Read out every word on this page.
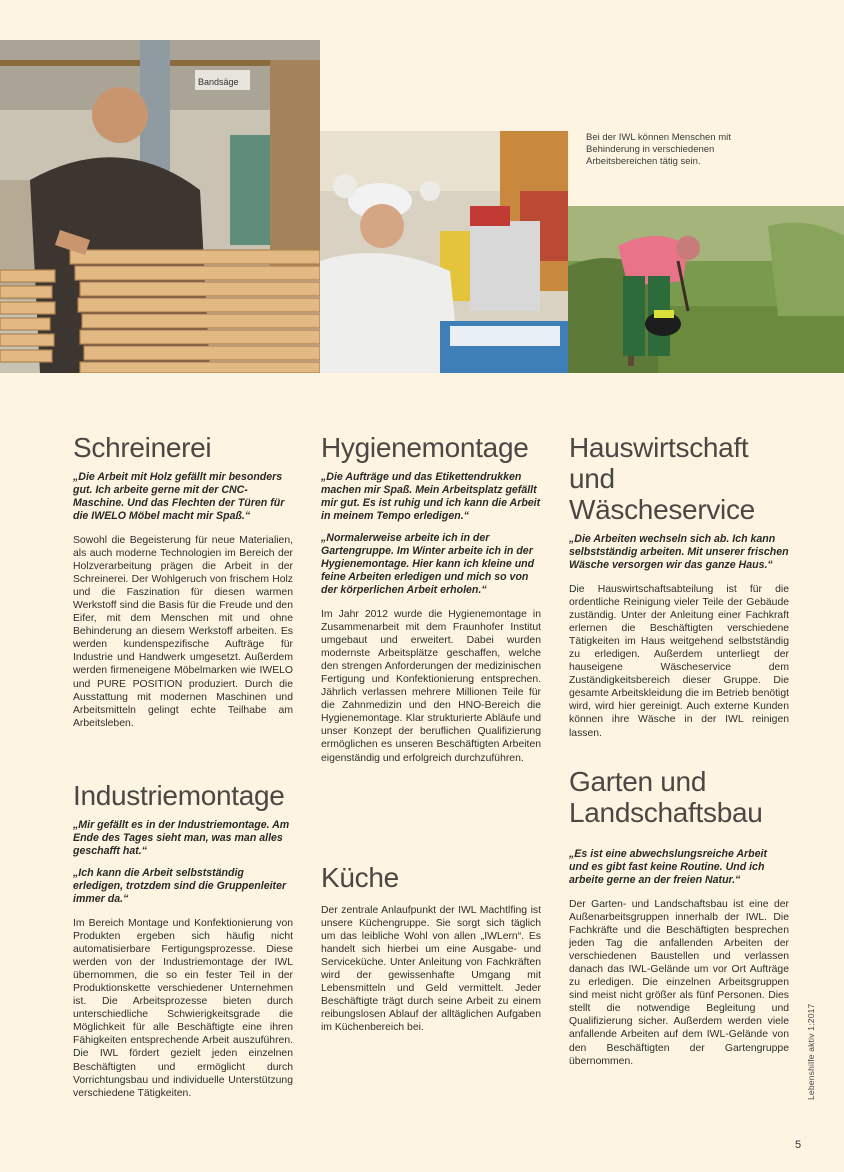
Bandsäge
Bei der IWL können Menschen mit Behinderung in verschiedenen Arbeitsbereichen tätig sein.
Schreinerei

„Die Arbeit mit Holz gefällt mir besonders gut. Ich arbeite gerne mit der CNC-Maschine. Und das Flechten der Türen für die IWELO Möbel macht mir Spaß.“

Sowohl die Begeisterung für neue Materialien, als auch moderne Technologien im Bereich der Holzverarbeitung prägen die Arbeit in der Schreinerei. Der Wohlgeruch von frischem Holz und die Faszination für diesen warmen Werkstoff sind die Basis für die Freude und den Eifer, mit dem Menschen mit und ohne Behinderung an diesem Werkstoff arbeiten. Es werden kundenspezifische Aufträge für Industrie und Handwerk umgesetzt. Außerdem werden firmeneigene Möbelmarken wie IWELO und PURE POSITION produziert. Durch die Ausstattung mit modernen Maschinen und Arbeitsmitteln gelingt echte Teilhabe am Arbeitsleben.

Industriemontage

„Mir gefällt es in der Industriemontage. Am Ende des Tages sieht man, was man alles geschafft hat.“

„Ich kann die Arbeit selbstständig erledigen, trotzdem sind die Gruppenleiter immer da.“

Im Bereich Montage und Konfektionierung von Produkten ergeben sich häufig nicht automatisierbare Fertigungsprozesse. Diese werden von der Industriemontage der IWL übernommen, die so ein fester Teil in der Produktionskette verschiedener Unternehmen ist. Die Arbeitsprozesse bieten durch unterschiedliche Schwierigkeitsgrade die Möglichkeit für alle Beschäftigte eine ihren Fähigkeiten entsprechende Arbeit auszuführen. Die IWL fördert gezielt jeden einzelnen Beschäftigten und ermöglicht durch Vorrichtungsbau und individuelle Unterstützung verschiedene Tätigkeiten.

Hygienemontage

„Die Aufträge und das Etikettendrukken machen mir Spaß. Mein Arbeitsplatz gefällt mir gut. Es ist ruhig und ich kann die Arbeit in meinem Tempo erledigen.“

„Normalerweise arbeite ich in der Gartengruppe. Im Winter arbeite ich in der Hygienemontage. Hier kann ich kleine und feine Arbeiten erledigen und mich so von der körperlichen Arbeit erholen.“

Im Jahr 2012 wurde die Hygienemontage in Zusammenarbeit mit dem Fraunhofer Institut umgebaut und erweitert. Dabei wurden modernste Arbeitsplätze geschaffen, welche den strengen Anforderungen der medizinischen Fertigung und Konfektionierung entsprechen. Jährlich verlassen mehrere Millionen Teile für die Zahnmedizin und den HNO-Bereich die Hygienemontage. Klar strukturierte Abläufe und unser Konzept der beruflichen Qualifizierung ermöglichen es unseren Beschäftigten Arbeiten eigenständig und erfolgreich durchzuführen.

Küche

Der zentrale Anlaufpunkt der IWL Machtlfing ist unsere Küchengruppe. Sie sorgt sich täglich um das leibliche Wohl von allen „IWLern“. Es handelt sich hierbei um eine Ausgabe- und Serviceküche. Unter Anleitung von Fachkräften wird der gewissenhafte Umgang mit Lebensmitteln und Geld vermittelt. Jeder Beschäftigte trägt durch seine Arbeit zu einem reibungslosen Ablauf der alltäglichen Aufgaben im Küchenbereich bei.

Hauswirtschaft
und Wäscheservice

„Die Arbeiten wechseln sich ab. Ich kann selbstständig arbeiten. Mit unserer frischen Wäsche versorgen wir das ganze Haus.“

Die Hauswirtschaftsabteilung ist für die ordentliche Reinigung vieler Teile der Gebäude zuständig. Unter der Anleitung einer Fachkraft erlernen die Beschäftigten verschiedene Tätigkeiten im Haus weitgehend selbstständig zu erledigen. Außerdem unterliegt der hauseigene Wäscheservice dem Zuständigkeitsbereich dieser Gruppe. Die gesamte Arbeitskleidung die im Betrieb benötigt wird, wird hier gereinigt. Auch externe Kunden können ihre Wäsche in der IWL reinigen lassen.

Garten und
Landschaftsbau

„Es ist eine abwechslungsreiche Arbeit und es gibt fast keine Routine. Und ich arbeite gerne an der freien Natur.“

Der Garten- und Landschaftsbau ist eine der Außenarbeitsgruppen innerhalb der IWL. Die Fachkräfte und die Beschäftigten besprechen jeden Tag die anfallenden Arbeiten der verschiedenen Baustellen und verlassen danach das IWL-Gelände um vor Ort Aufträge zu erledigen. Die einzelnen Arbeitsgruppen sind meist nicht größer als fünf Personen. Dies stellt die notwendige Begleitung und Qualifizierung sicher. Außerdem werden viele anfallende Arbeiten auf dem IWL-Gelände von den Beschäftigten der Gartengruppe übernommen.	Lebenshilfe aktiv 1:2017
5
